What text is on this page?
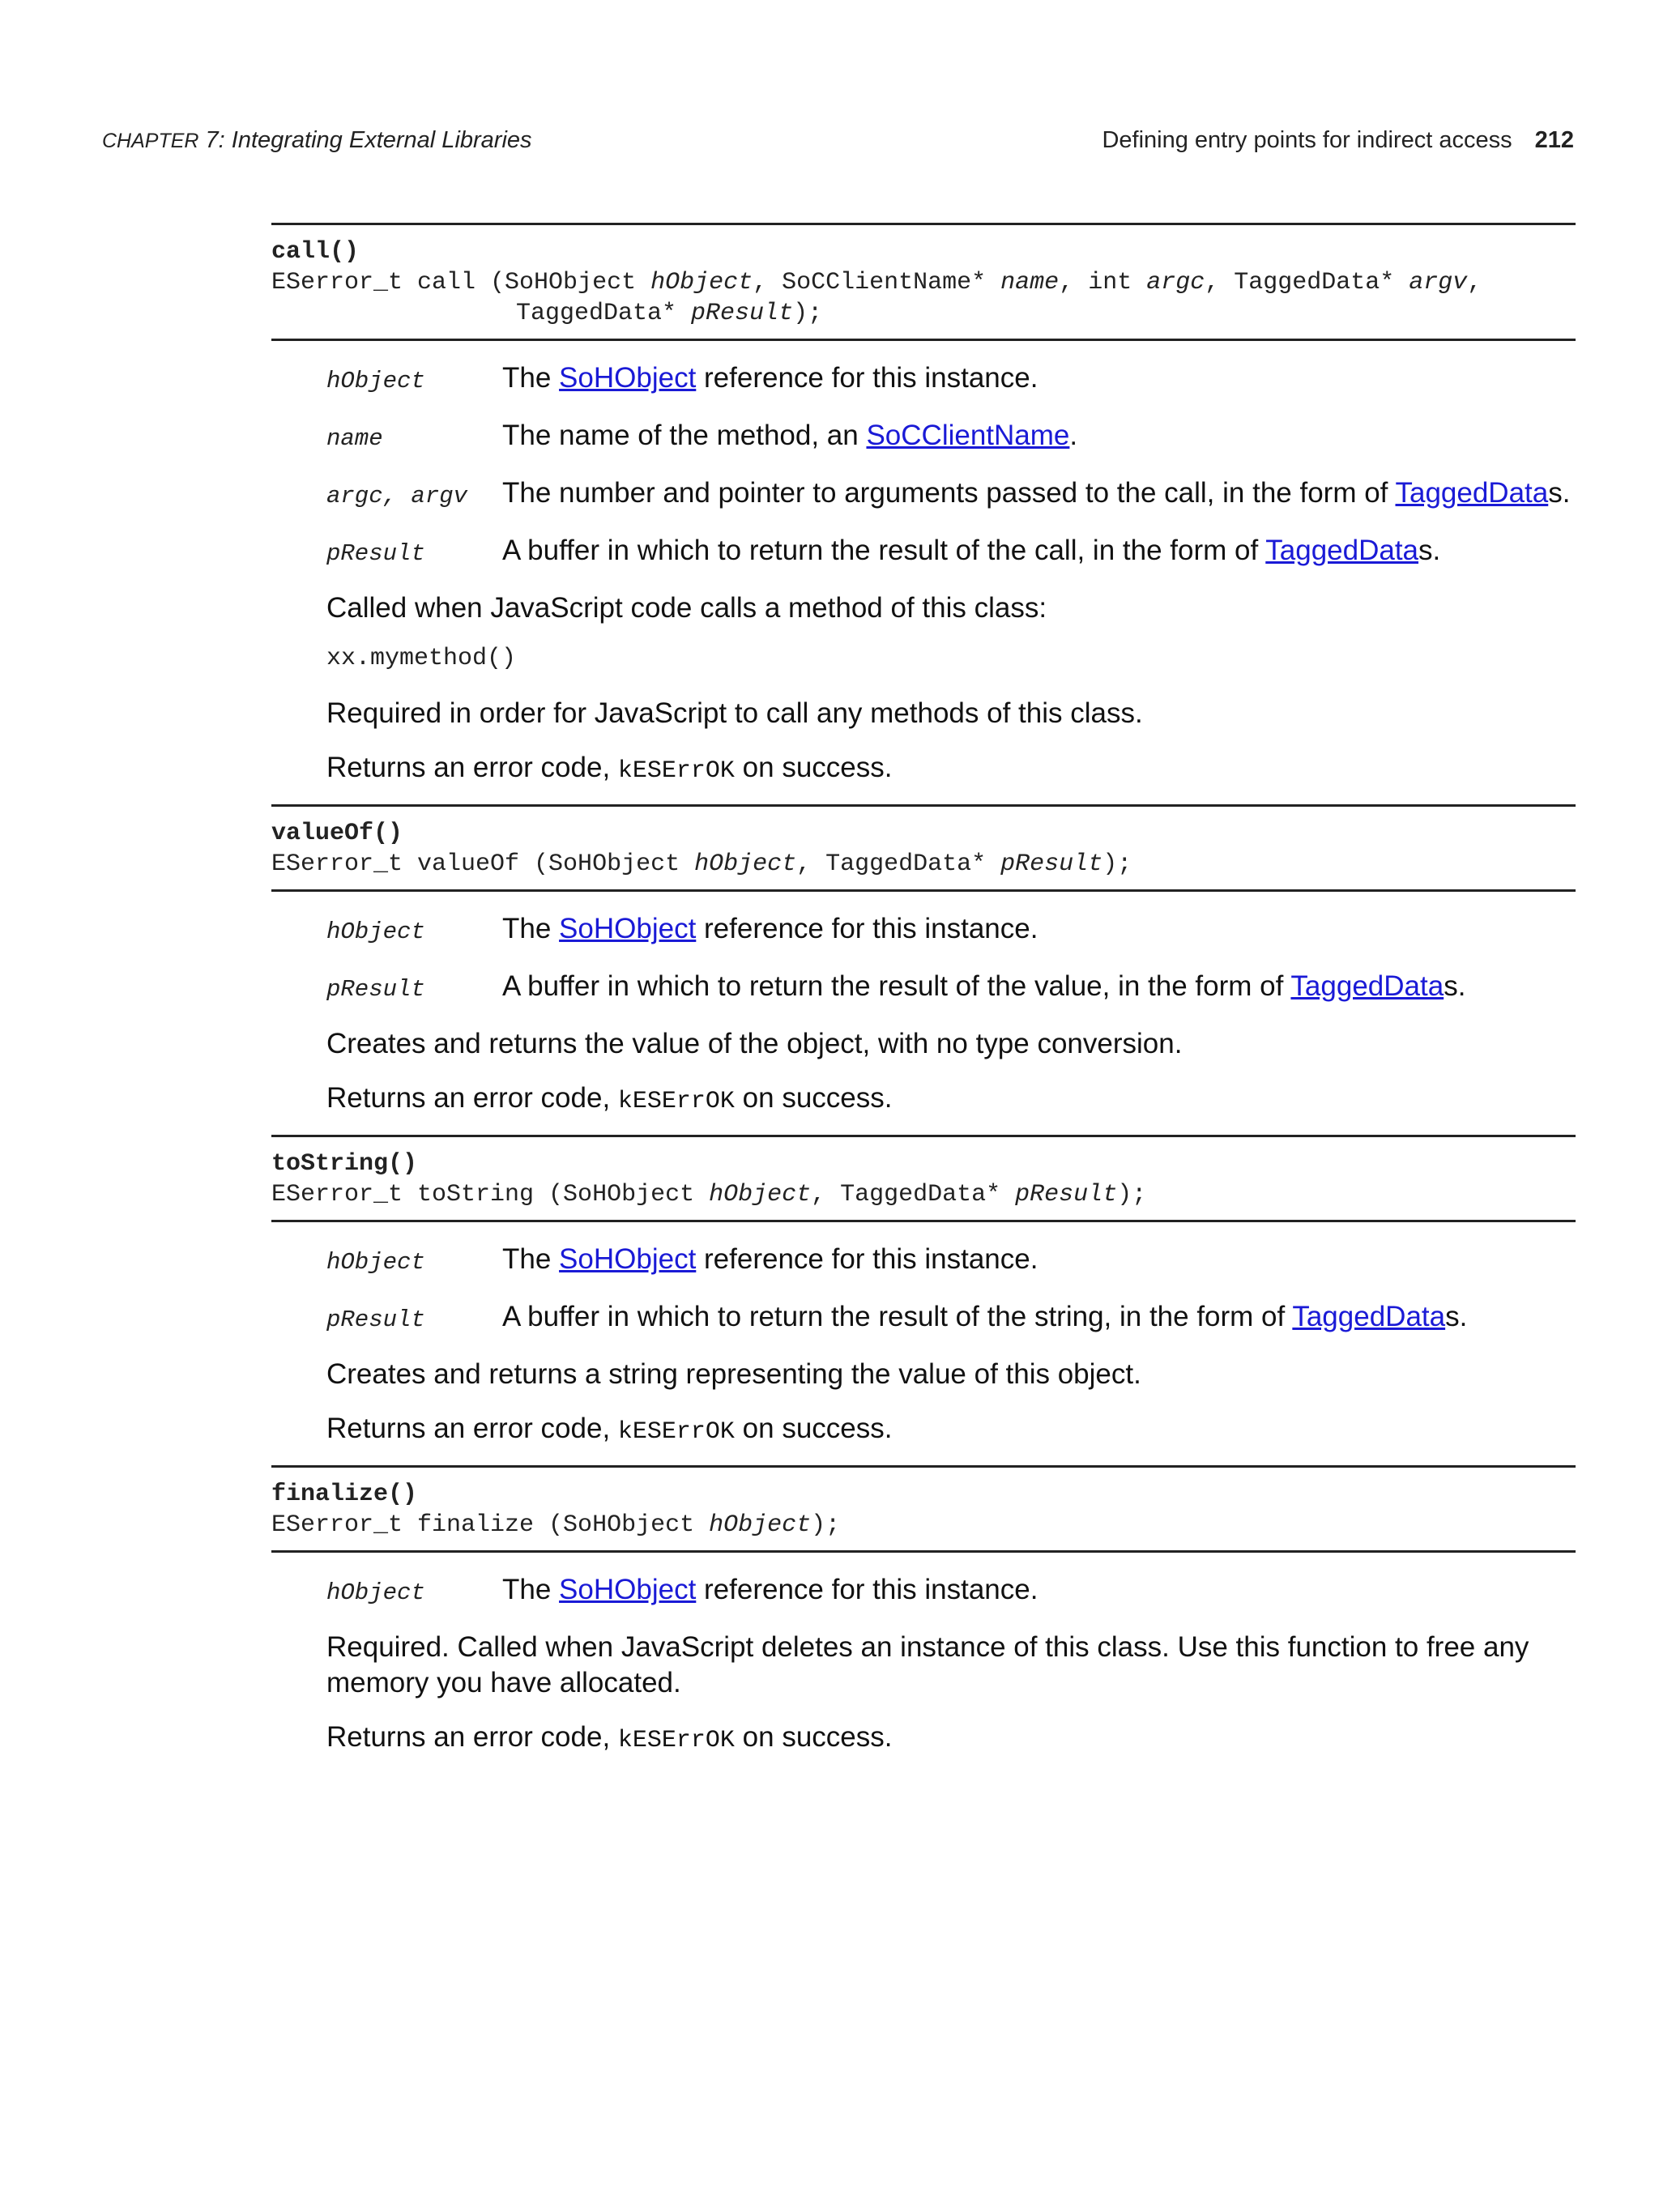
CHAPTER 7: Integrating External Libraries	Defining entry points for indirect access 212
call()
ESerror_t call (SoHObject hObject, SoCClientName* name, int argc, TaggedData* argv,
TaggedData* pResult);
hObject	The SoHObject reference for this instance.
name	The name of the method, an SoCClientName.
argc, argv	The number and pointer to arguments passed to the call, in the form of TaggedDatas.
pResult	A buffer in which to return the result of the call, in the form of TaggedDatas.
Called when JavaScript code calls a method of this class:
xx.mymethod()
Required in order for JavaScript to call any methods of this class.
Returns an error code, kESErrOK on success.
valueOf()
ESerror_t valueOf (SoHObject hObject, TaggedData* pResult);
hObject	The SoHObject reference for this instance.
pResult	A buffer in which to return the result of the value, in the form of TaggedDatas.
Creates and returns the value of the object, with no type conversion.
Returns an error code, kESErrOK on success.
toString()
ESerror_t toString (SoHObject hObject, TaggedData* pResult);
hObject	The SoHObject reference for this instance.
pResult	A buffer in which to return the result of the string, in the form of TaggedDatas.
Creates and returns a string representing the value of this object.
Returns an error code, kESErrOK on success.
finalize()
ESerror_t finalize (SoHObject hObject);
hObject	The SoHObject reference for this instance.
Required. Called when JavaScript deletes an instance of this class. Use this function to free any memory you have allocated.
Returns an error code, kESErrOK on success.
